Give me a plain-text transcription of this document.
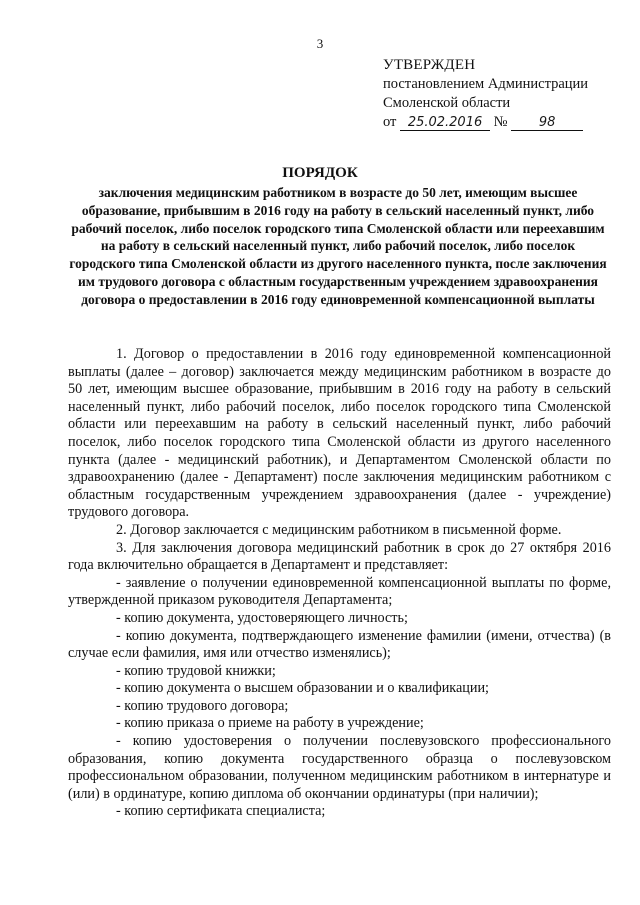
3
УТВЕРЖДЕН
постановлением Администрации
Смоленской области
от 25.02.2016 № 98
ПОРЯДОК
заключения медицинским работником в возрасте до 50 лет, имеющим высшее образование, прибывшим в 2016 году на работу в сельский населенный пункт, либо рабочий поселок, либо поселок городского типа Смоленской области или переехавшим на работу в сельский населенный пункт, либо рабочий поселок, либо поселок городского типа Смоленской области из другого населенного пункта, после заключения им трудового договора с областным государственным учреждением здравоохранения договора о предоставлении в 2016 году единовременной компенсационной выплаты

1. Договор о предоставлении в 2016 году единовременной компенсационной выплаты (далее – договор) заключается между медицинским работником в возрасте до 50 лет, имеющим высшее образование, прибывшим в 2016 году на работу в сельский населенный пункт, либо рабочий поселок, либо поселок городского типа Смоленской области или переехавшим на работу в сельский населенный пункт, либо рабочий поселок, либо поселок городского типа Смоленской области из другого населенного пункта (далее - медицинский работник), и Департаментом Смоленской области по здравоохранению (далее - Департамент) после заключения медицинским работником с областным государственным учреждением здравоохранения (далее - учреждение) трудового договора.

2. Договор заключается с медицинским работником в письменной форме.

3. Для заключения договора медицинский работник в срок до 27 октября 2016 года включительно обращается в Департамент и представляет:

- заявление о получении единовременной компенсационной выплаты по форме, утвержденной приказом руководителя Департамента;

- копию документа, удостоверяющего личность;

- копию документа, подтверждающего изменение фамилии (имени, отчества) (в случае если фамилия, имя или отчество изменялись);

- копию трудовой книжки;

- копию документа о высшем образовании и о квалификации;

- копию трудового договора;

- копию приказа о приеме на работу в учреждение;

- копию удостоверения о получении послевузовского профессионального образования, копию документа государственного образца о послевузовском профессиональном образовании, полученном медицинским работником в интернатуре и (или) в ординатуре, копию диплома об окончании ординатуры (при наличии);

- копию сертификата специалиста;
